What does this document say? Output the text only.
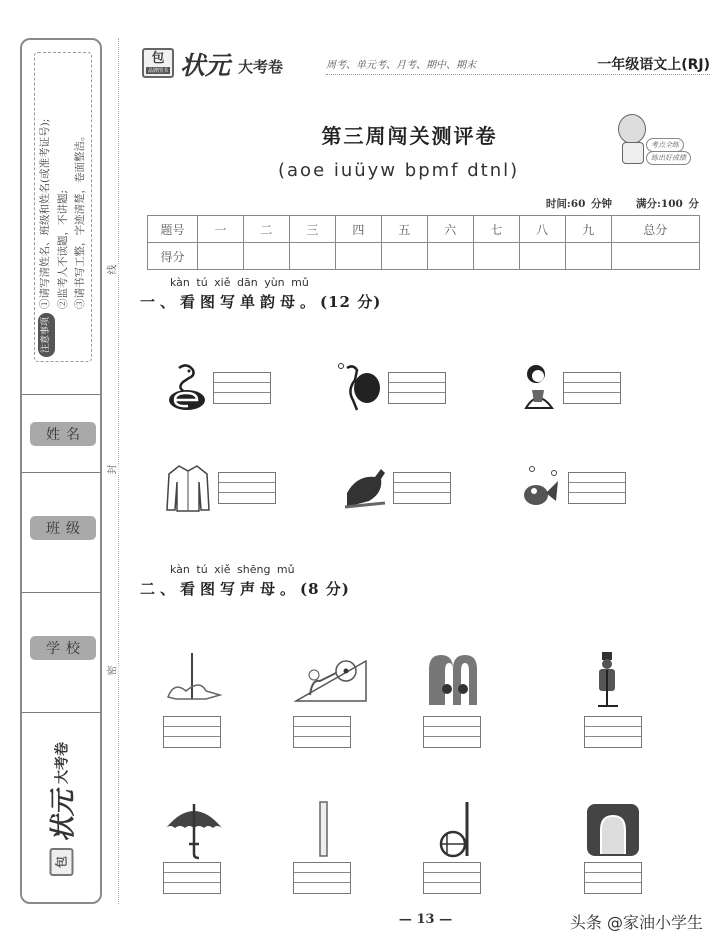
注意事项①请写清姓名、班级和姓名(或准考证号); ②监考人不读题，不讲题; ③请书写工整，字迹清楚，卷面整洁。
姓名
班级
学校
包
状元
大考卷
线
封
密
包
品牌图书 状元 大考卷	周考、单元考、月考、期中、期末	一年级语文上(RJ)
第三周闯关测评卷
(aoe iuüyw bpmf dtnl)
考点全练
练出好成绩
时间:60 分钟 满分:100 分
题号	一	二	三	四	五	六	七	八	九	总分
得分										
kàn tú xiě dān yùn mǔ
一、看图写单韵母。(12 分)
kàn tú xiě shēng mǔ
二、看图写声母。(8 分)
— 13 —	头条 @家油小学生
